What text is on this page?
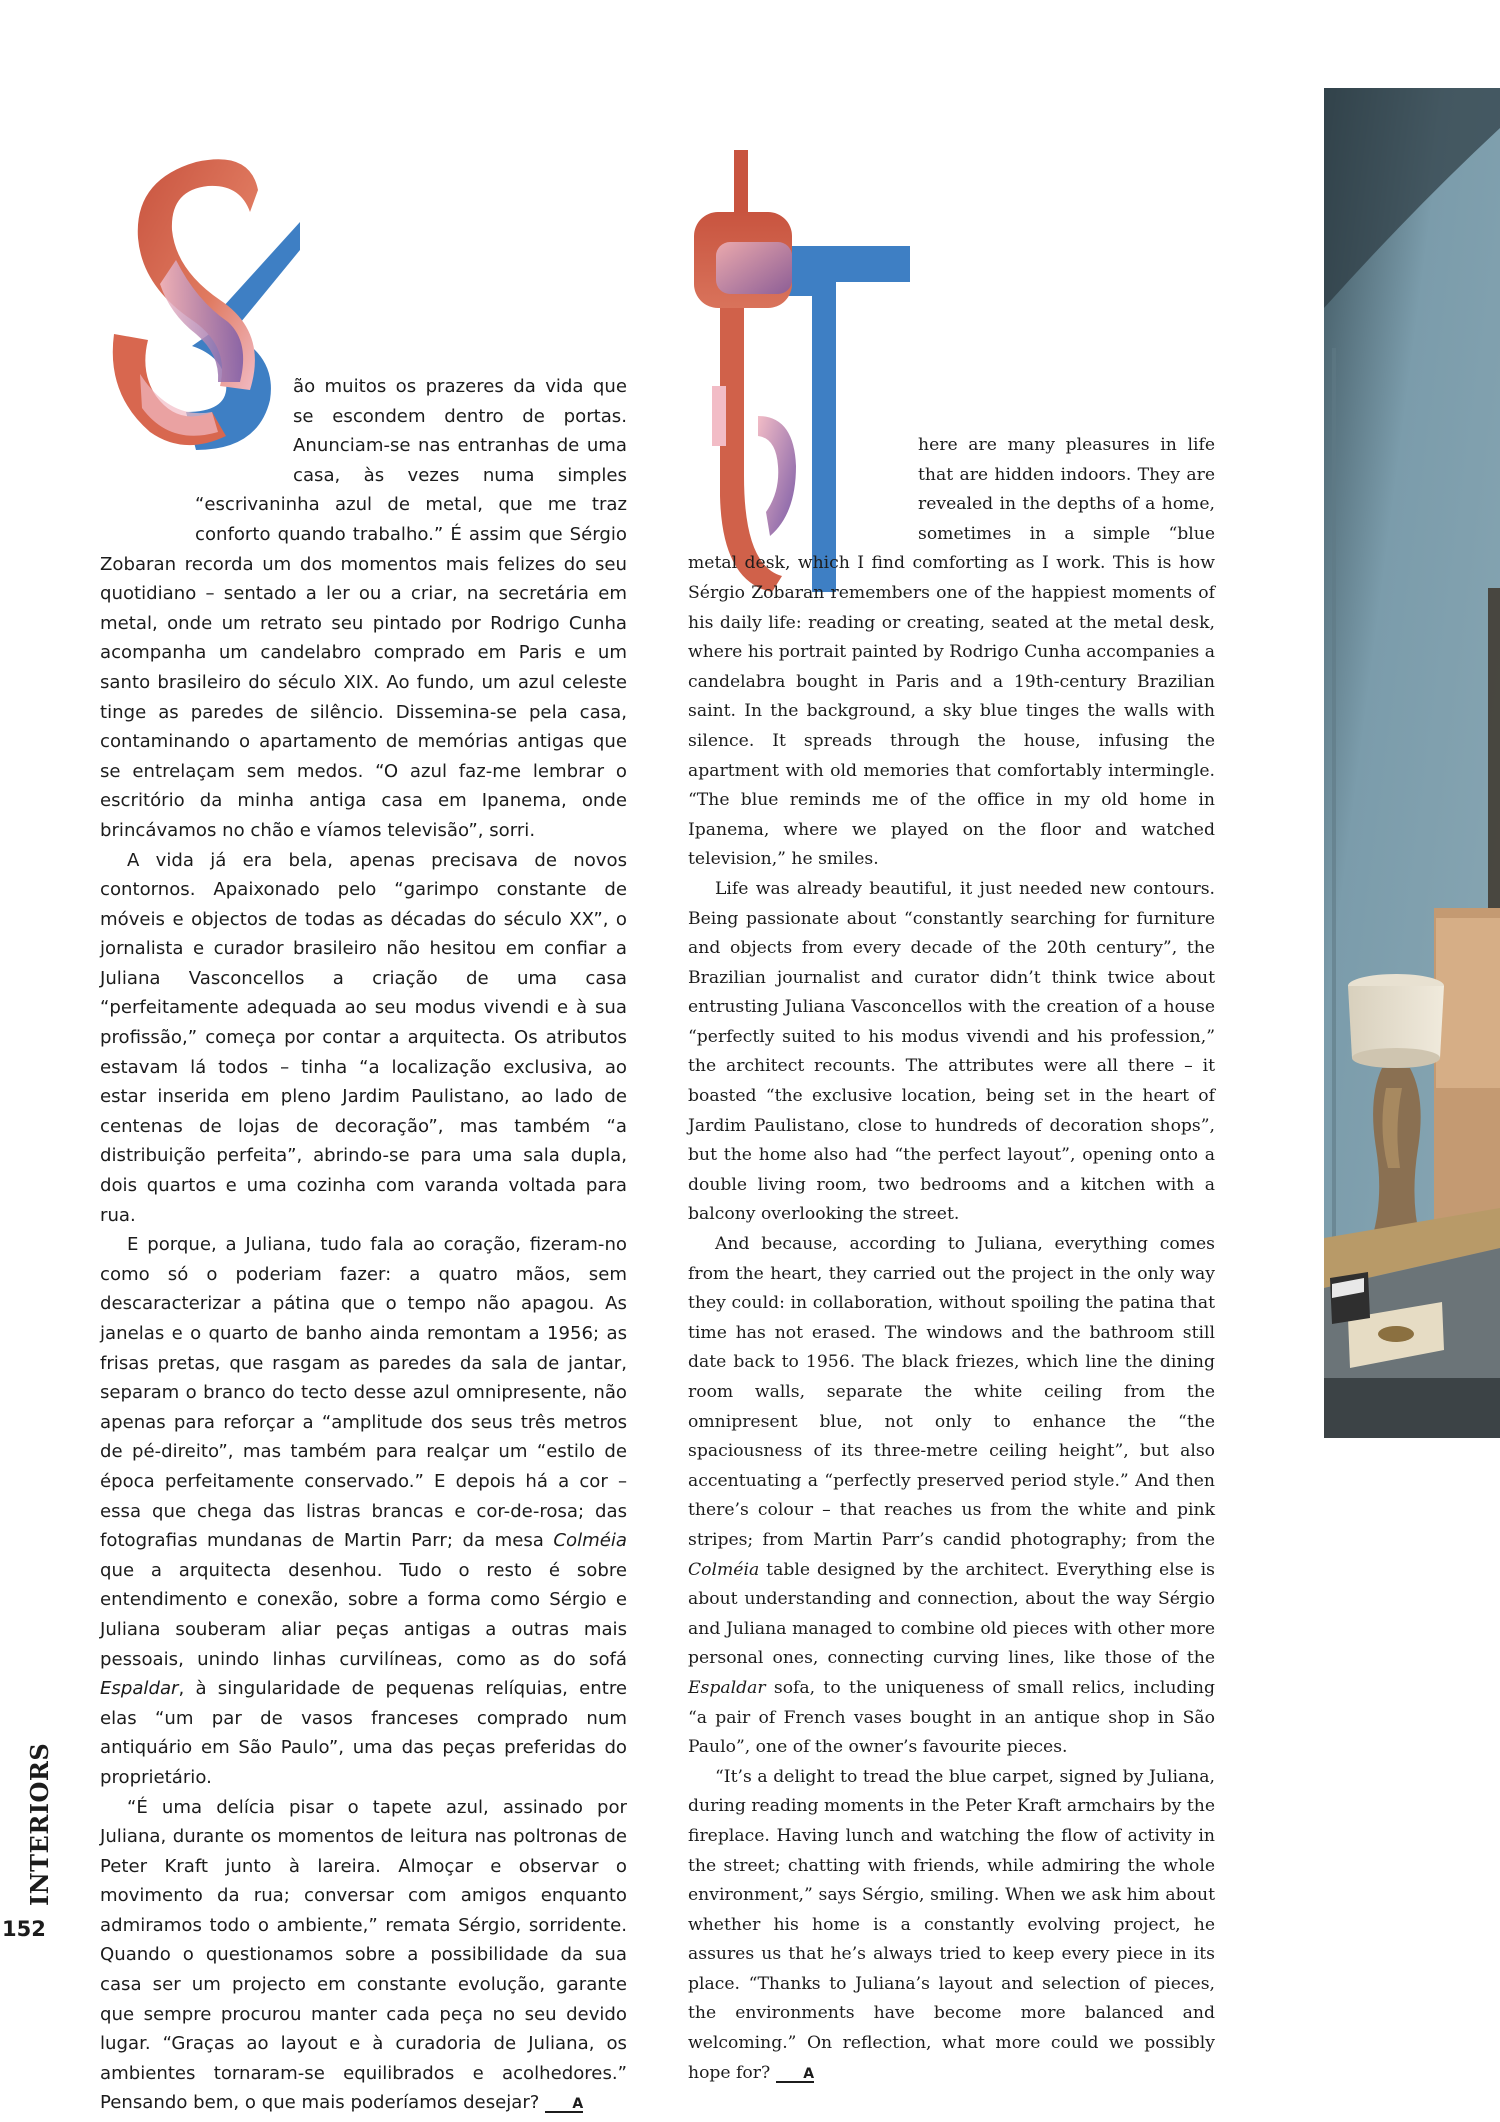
ão muitos os prazeres da vida que se escondem dentro de portas. Anunciam-se nas entranhas de uma casa, às vezes numa simples “escrivaninha azul de metal, que me traz conforto quando trabalho.” É assim que Sérgio Zobaran recorda um dos momentos mais felizes do seu quotidiano – sentado a ler ou a criar, na secretária em metal, onde um retrato seu pintado por Rodrigo Cunha acompanha um candelabro comprado em Paris e um santo brasileiro do século XIX. Ao fundo, um azul celeste tinge as paredes de silêncio. Dissemina-se pela casa, contaminando o apartamento de memórias antigas que se entrelaçam sem medos. “O azul faz-me lembrar o escritório da minha antiga casa em Ipanema, onde brincávamos no chão e víamos televisão”, sorri.

A vida já era bela, apenas precisava de novos contornos. Apaixonado pelo “garimpo constante de móveis e objectos de todas as décadas do século XX”, o jornalista e curador brasileiro não hesitou em confiar a Juliana Vasconcellos a criação de uma casa “perfeitamente adequada ao seu modus vivendi e à sua profissão,” começa por contar a arquitecta. Os atributos estavam lá todos – tinha “a localização exclusiva, ao estar inserida em pleno Jardim Paulistano, ao lado de centenas de lojas de decoração”, mas também “a distribuição perfeita”, abrindo-se para uma sala dupla, dois quartos e uma cozinha com varanda voltada para rua.

E porque, a Juliana, tudo fala ao coração, fizeram-no como só o poderiam fazer: a quatro mãos, sem descaracterizar a pátina que o tempo não apagou. As janelas e o quarto de banho ainda remontam a 1956; as frisas pretas, que rasgam as paredes da sala de jantar, separam o branco do tecto desse azul omnipresente, não apenas para reforçar a “amplitude dos seus três metros de pé-direito”, mas também para realçar um “estilo de época perfeitamente conservado.” E depois há a cor – essa que chega das listras brancas e cor-de-rosa; das fotografias mundanas de Martin Parr; da mesa Colméia que a arquitecta desenhou. Tudo o resto é sobre entendimento e conexão, sobre a forma como Sérgio e Juliana souberam aliar peças antigas a outras mais pessoais, unindo linhas curvilíneas, como as do sofá Espaldar, à singularidade de pequenas relíquias, entre elas “um par de vasos franceses comprado num antiquário em São Paulo”, uma das peças preferidas do proprietário.

“É uma delícia pisar o tapete azul, assinado por Juliana, durante os momentos de leitura nas poltronas de Peter Kraft junto à lareira. Almoçar e observar o movimento da rua; conversar com amigos enquanto admiramos todo o ambiente,” remata Sérgio, sorridente. Quando o questionamos sobre a possibilidade da sua casa ser um projecto em constante evolução, garante que sempre procurou manter cada peça no seu devido lugar. “Graças ao layout e à curadoria de Juliana, os ambientes tornaram-se equilibrados e acolhedores.” Pensando bem, o que mais poderíamos desejar? A

here are many pleasures in life that are hidden indoors. They are revealed in the depths of a home, sometimes in a simple “blue metal desk, which I find comforting as I work. This is how Sérgio Zobaran remembers one of the happiest moments of his daily life: reading or creating, seated at the metal desk, where his portrait painted by Rodrigo Cunha accompanies a candelabra bought in Paris and a 19th-century Brazilian saint. In the background, a sky blue tinges the walls with silence. It spreads through the house, infusing the apartment with old memories that comfortably intermingle. “The blue reminds me of the office in my old home in Ipanema, where we played on the floor and watched television,” he smiles.

Life was already beautiful, it just needed new contours. Being passionate about “constantly searching for furniture and objects from every decade of the 20th century”, the Brazilian journalist and curator didn’t think twice about entrusting Juliana Vasconcellos with the creation of a house “perfectly suited to his modus vivendi and his profession,” the architect recounts. The attributes were all there – it boasted “the exclusive location, being set in the heart of Jardim Paulistano, close to hundreds of decoration shops”, but the home also had “the perfect layout”, opening onto a double living room, two bedrooms and a kitchen with a balcony overlooking the street.

And because, according to Juliana, everything comes from the heart, they carried out the project in the only way they could: in collaboration, without spoiling the patina that time has not erased. The windows and the bathroom still date back to 1956. The black friezes, which line the dining room walls, separate the white ceiling from the omnipresent blue, not only to enhance the “the spaciousness of its three-metre ceiling height”, but also accentuating a “perfectly preserved period style.” And then there’s colour – that reaches us from the white and pink stripes; from Martin Parr’s candid photography; from the Colméia table designed by the architect. Everything else is about understanding and connection, about the way Sérgio and Juliana managed to combine old pieces with other more personal ones, connecting curving lines, like those of the Espaldar sofa, to the uniqueness of small relics, including “a pair of French vases bought in an antique shop in São Paulo”, one of the owner’s favourite pieces.

“It’s a delight to tread the blue carpet, signed by Juliana, during reading moments in the Peter Kraft armchairs by the fireplace. Having lunch and watching the flow of activity in the street; chatting with friends, while admiring the whole environment,” says Sérgio, smiling. When we ask him about whether his home is a constantly evolving project, he assures us that he’s always tried to keep every piece in its place. “Thanks to Juliana’s layout and selection of pieces, the environments have become more balanced and welcoming.” On reflection, what more could we possibly hope for? A

INTERIORS
152
